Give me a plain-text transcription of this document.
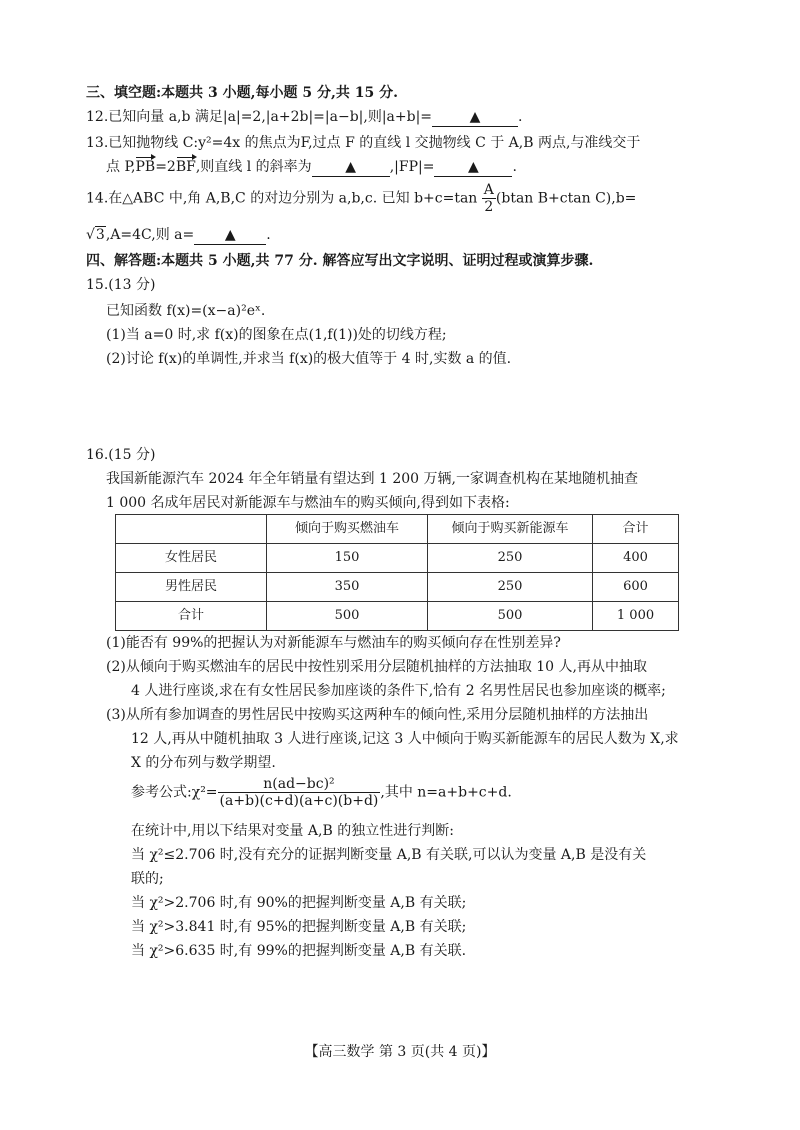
三、填空题:本题共 3 小题,每小题 5 分,共 15 分.
12.已知向量 a,b 满足|a|=2,|a+2b|=|a−b|,则|a+b|=	▲	.
13.已知抛物线 C:y²=4x 的焦点为F,过点 F 的直线 l 交抛物线 C 于 A,B 两点,与准线交于
点 P,PB=2BF,则直线 l 的斜率为 ▲ ,|FP|= ▲ .
14.在△ABC 中,角 A,B,C 的对边分别为 a,b,c. 已知 $b+c=\tan \frac{A}{2} (btan$ B+ctan C),b=
√3,A=4C,则 a= ▲ .
四、解答题:本题共 5 小题,共 77 分. 解答应写出文字说明、证明过程或演算步骤.
15.(13 分)
已知函数 f(x)=(x−a)²eˣ.
(1)当 a=0 时,求 f(x)的图象在点(1,f(1))处的切线方程;
(2)讨论 f(x)的单调性,并求当 f(x)的极大值等于 4 时,实数 a 的值.
16.(15 分)
我国新能源汽车 2024 年全年销量有望达到 1 200 万辆,一家调查机构在某地随机抽查
1 000 名成年居民对新能源车与燃油车的购买倾向,得到如下表格:
	倾向于购买燃油车	倾向于购买新能源车	合计
女性居民	150	250	400
男性居民	350	250	600
合计	500	500	1 000
(1)能否有 99%的把握认为对新能源车与燃油车的购买倾向存在性别差异?
(2)从倾向于购买燃油车的居民中按性别采用分层随机抽样的方法抽取 10 人,再从中抽取
4 人进行座谈,求在有女性居民参加座谈的条件下,恰有 2 名男性居民也参加座谈的概率;
(3)从所有参加调查的男性居民中按购买这两种车的倾向性,采用分层随机抽样的方法抽出
12 人,再从中随机抽取 3 人进行座谈,记这 3 人中倾向于购买新能源车的居民人数为 X,求
X 的分布列与数学期望.
参考公式:χ²= $\frac{\text{n(ad−bc)²}}{(a+b)(c+d)(a+c)(b+d)}$ ,其中 n=a+b+c+d.
在统计中,用以下结果对变量 A,B 的独立性进行判断:
当 χ²≤2.706 时,没有充分的证据判断变量 A,B 有关联,可以认为变量 A,B 是没有关
联的;
当 χ²>2.706 时,有 90%的把握判断变量 A,B 有关联;
当 χ²>3.841 时,有 95%的把握判断变量 A,B 有关联;
当 χ²>6.635 时,有 99%的把握判断变量 A,B 有关联.
【高三数学 第 3 页(共 4 页)】
